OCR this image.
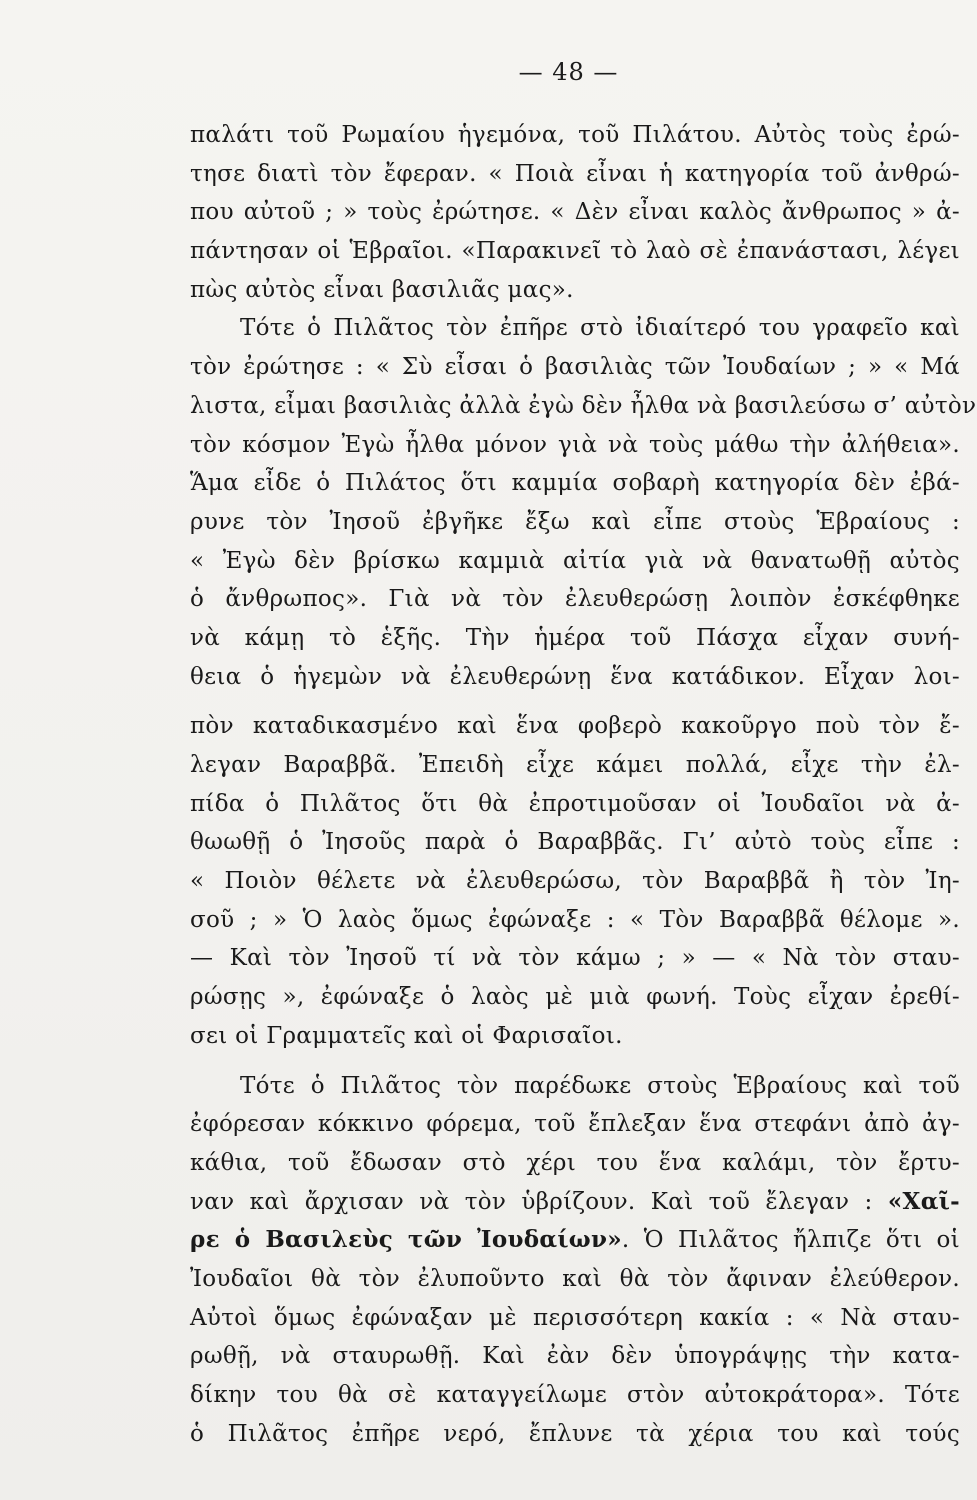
— 48 —
παλάτι τοῦ Ρωμαίου ἡγεμόνα, τοῦ Πιλάτου. Αὐτὸς τοὺς ἐρώ-
τησε διατὶ τὸν ἔφεραν. « Ποιὰ εἶναι ἡ κατηγορία τοῦ ἀνθρώ-
που αὐτοῦ ; » τοὺς ἐρώτησε. « Δὲν εἶναι καλὸς ἄνθρωπος » ἀ-
πάντησαν οἱ Ἑβραῖοι. «Παρακινεῖ τὸ λαὸ σὲ ἐπανάστασι, λέγει
πὼς αὐτὸς εἶναι βασιλιᾶς μας».
Τότε ὁ Πιλᾶτος τὸν ἐπῆρε στὸ ἰδιαίτερό του γραφεῖο καὶ
τὸν ἐρώτησε : « Σὺ εἶσαι ὁ βασιλιὰς τῶν Ἰουδαίων ; » « Μά
λιστα, εἶμαι βασιλιὰς ἀλλὰ ἐγὼ δὲν ἦλθα νὰ βασιλεύσω σ’ αὐτὸν
τὸν κόσμον Ἐγὼ ἦλθα μόνον γιὰ νὰ τοὺς μάθω τὴν ἀλήθεια».
Ἅμα εἶδε ὁ Πιλάτος ὅτι καμμία σοβαρὴ κατηγορία δὲν ἐβά-
ρυνε τὸν Ἰησοῦ ἐβγῆκε ἔξω καὶ εἶπε στοὺς Ἑβραίους :
« Ἐγὼ δὲν βρίσκω καμμιὰ αἰτία γιὰ νὰ θανατωθῇ αὐτὸς
ὁ ἄνθρωπος». Γιὰ νὰ τὸν ἐλευθερώσῃ λοιπὸν ἐσκέφθηκε
νὰ κάμῃ τὸ ἑξῆς. Τὴν ἡμέρα τοῦ Πάσχα εἶχαν συνή-
θεια ὁ ἡγεμὼν νὰ ἐλευθερώνῃ ἕνα κατάδικον. Εἶχαν λοι-
πὸν καταδικασμένο καὶ ἕνα φοβερὸ κακοῦργο ποὺ τὸν ἔ-
λεγαν Βαραββᾶ. Ἐπειδὴ εἶχε κάμει πολλά, εἶχε τὴν ἐλ-
πίδα ὁ Πιλᾶτος ὅτι θὰ ἐπροτιμοῦσαν οἱ Ἰουδαῖοι νὰ ἀ-
θωωθῇ ὁ Ἰησοῦς παρὰ ὁ Βαραββᾶς. Γι’ αὐτὸ τοὺς εἶπε :
« Ποιὸν θέλετε νὰ ἐλευθερώσω, τὸν Βαραββᾶ ἢ τὸν Ἰη-
σοῦ ; » Ὁ λαὸς ὅμως ἐφώναξε : « Τὸν Βαραββᾶ θέλομε ».
— Καὶ τὸν Ἰησοῦ τί νὰ τὸν κάμω ; » — « Νὰ τὸν σταυ-
ρώσῃς », ἐφώναξε ὁ λαὸς μὲ μιὰ φωνή. Τοὺς εἶχαν ἐρεθί-
σει οἱ Γραμματεῖς καὶ οἱ Φαρισαῖοι.
Τότε ὁ Πιλᾶτος τὸν παρέδωκε στοὺς Ἑβραίους καὶ τοῦ
ἐφόρεσαν κόκκινο φόρεμα, τοῦ ἔπλεξαν ἕνα στεφάνι ἀπὸ ἀγ-
κάθια, τοῦ ἔδωσαν στὸ χέρι του ἕνα καλάμι, τὸν ἔρτυ-
ναν καὶ ἄρχισαν νὰ τὸν ὑβρίζουν. Καὶ τοῦ ἔλεγαν : «Χαῖ-
ρε ὁ Βασιλεὺς τῶν Ἰουδαίων». Ὁ Πιλᾶτος ἤλπιζε ὅτι οἱ
Ἰουδαῖοι θὰ τὸν ἐλυποῦντο καὶ θὰ τὸν ἄφιναν ἐλεύθερον.
Αὐτοὶ ὅμως ἐφώναξαν μὲ περισσότερη κακία : « Νὰ σταυ-
ρωθῇ, νὰ σταυρωθῇ. Καὶ ἐὰν δὲν ὑπογράψῃς τὴν κατα-
δίκην του θὰ σὲ καταγγείλωμε στὸν αὐτοκράτορα». Τότε
ὁ Πιλᾶτος ἐπῆρε νερό, ἔπλυνε τὰ χέρια του καὶ τούς
